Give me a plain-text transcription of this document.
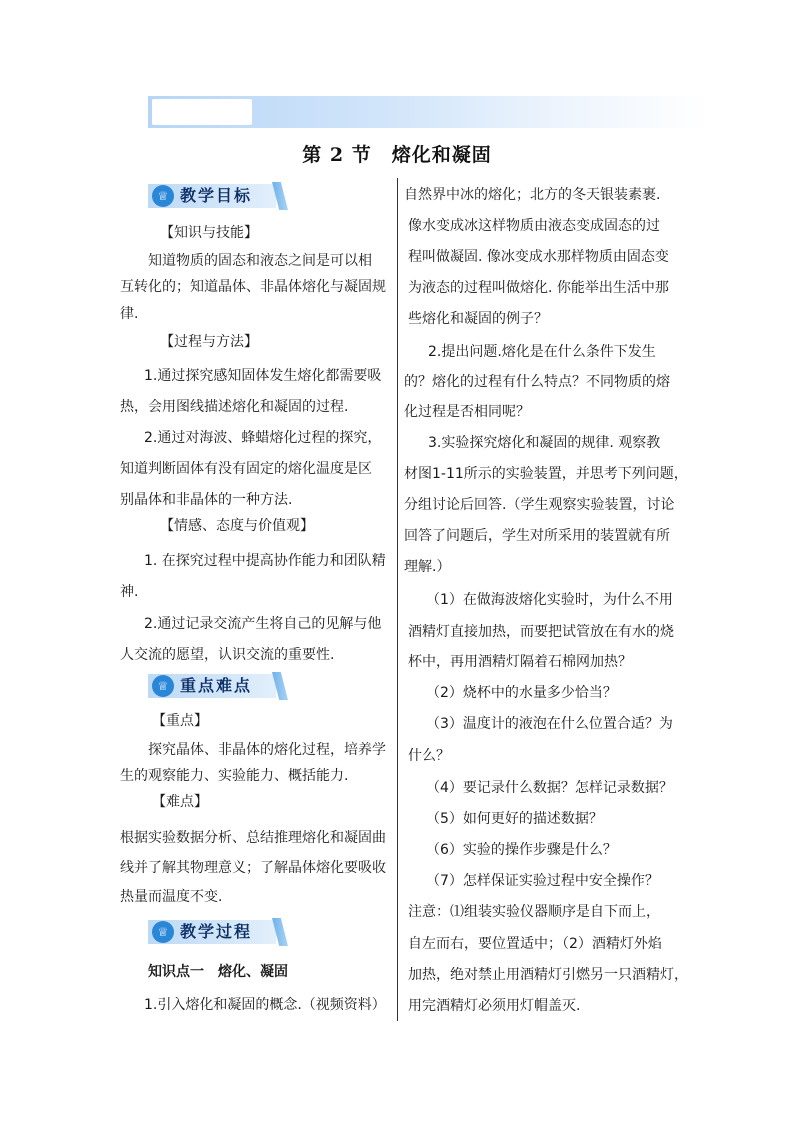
第 2 节　熔化和凝固
♕ 教学目标
【知识与技能】
知道物质的固态和液态之间是可以相
互转化的；知道晶体、非晶体熔化与凝固规
律.
【过程与方法】
1.通过探究感知固体发生熔化都需要吸
热，会用图线描述熔化和凝固的过程.
2.通过对海波、蜂蜡熔化过程的探究，
知道判断固体有没有固定的熔化温度是区
别晶体和非晶体的一种方法.
【情感、态度与价值观】
1. 在探究过程中提高协作能力和团队精
神.
2.通过记录交流产生将自己的见解与他
人交流的愿望，认识交流的重要性.
♕ 重点难点
【重点】
探究晶体、非晶体的熔化过程，培养学
生的观察能力、实验能力、概括能力.
【难点】
根据实验数据分析、总结推理熔化和凝固曲
线并了解其物理意义；了解晶体熔化要吸收
热量而温度不变.
♕ 教学过程
知识点一　熔化、凝固
1.引入熔化和凝固的概念.（视频资料）
自然界中冰的熔化；北方的冬天银装素裹.
像水变成冰这样物质由液态变成固态的过
程叫做凝固. 像冰变成水那样物质由固态变
为液态的过程叫做熔化. 你能举出生活中那
些熔化和凝固的例子？
2.提出问题.熔化是在什么条件下发生
的？熔化的过程有什么特点？不同物质的熔
化过程是否相同呢？
3.实验探究熔化和凝固的规律. 观察教
材图1-11所示的实验装置，并思考下列问题，
分组讨论后回答.（学生观察实验装置，讨论
回答了问题后，学生对所采用的装置就有所
理解.）
（1）在做海波熔化实验时，为什么不用
酒精灯直接加热，而要把试管放在有水的烧
杯中，再用酒精灯隔着石棉网加热？
（2）烧杯中的水量多少恰当？
（3）温度计的液泡在什么位置合适？为
什么？
（4）要记录什么数据？怎样记录数据？
（5）如何更好的描述数据？
（6）实验的操作步骤是什么？
（7）怎样保证实验过程中安全操作？
注意：⑴组装实验仪器顺序是自下而上，
自左而右，要位置适中；（2）酒精灯外焰
加热，绝对禁止用酒精灯引燃另一只酒精灯，
用完酒精灯必须用灯帽盖灭.
